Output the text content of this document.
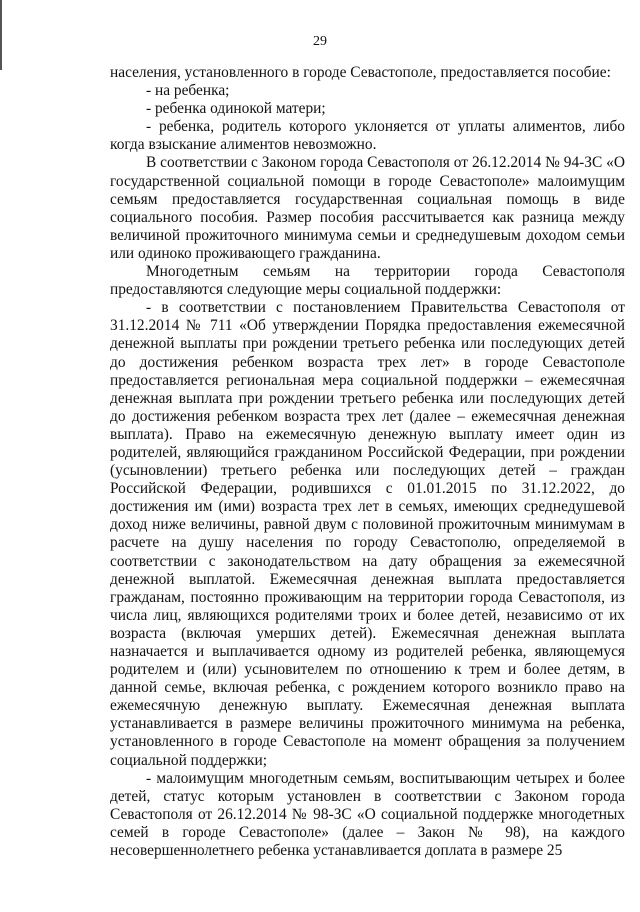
29

населения, установленного в городе Севастополе, предоставляется пособие:

- на ребенка;

- ребенка одинокой матери;

- ребенка, родитель которого уклоняется от уплаты алиментов, либо когда взыскание алиментов невозможно.

В соответствии с Законом города Севастополя от 26.12.2014 № 94-ЗС «О государственной социальной помощи в городе Севастополе» малоимущим семьям предоставляется государственная социальная помощь в виде социального пособия. Размер пособия рассчитывается как разница между величиной прожиточного минимума семьи и среднедушевым доходом семьи или одиноко проживающего гражданина.

Многодетным семьям на территории города Севастополя предоставляются следующие меры социальной поддержки:

- в соответствии с постановлением Правительства Севастополя от 31.12.2014 № 711 «Об утверждении Порядка предоставления ежемесячной денежной выплаты при рождении третьего ребенка или последующих детей до достижения ребенком возраста трех лет» в городе Севастополе предоставляется региональная мера социальной поддержки – ежемесячная денежная выплата при рождении третьего ребенка или последующих детей до достижения ребенком возраста трех лет (далее – ежемесячная денежная выплата). Право на ежемесячную денежную выплату имеет один из родителей, являющийся гражданином Российской Федерации, при рождении (усыновлении) третьего ребенка или последующих детей – граждан Российской Федерации, родившихся с 01.01.2015 по 31.12.2022, до достижения им (ими) возраста трех лет в семьях, имеющих среднедушевой доход ниже величины, равной двум с половиной прожиточным минимумам в расчете на душу населения по городу Севастополю, определяемой в соответствии с законодательством на дату обращения за ежемесячной денежной выплатой. Ежемесячная денежная выплата предоставляется гражданам, постоянно проживающим на территории города Севастополя, из числа лиц, являющихся родителями троих и более детей, независимо от их возраста (включая умерших детей). Ежемесячная денежная выплата назначается и выплачивается одному из родителей ребенка, являющемуся родителем и (или) усыновителем по отношению к трем и более детям, в данной семье, включая ребенка, с рождением которого возникло право на ежемесячную денежную выплату. Ежемесячная денежная выплата устанавливается в размере величины прожиточного минимума на ребенка, установленного в городе Севастополе на момент обращения за получением социальной поддержки;

- малоимущим многодетным семьям, воспитывающим четырех и более детей, статус которым установлен в соответствии с Законом города Севастополя от 26.12.2014 № 98-ЗС «О социальной поддержке многодетных семей в городе Севастополе» (далее – Закон № 98), на каждого несовершеннолетнего ребенка устанавливается доплата в размере 25
